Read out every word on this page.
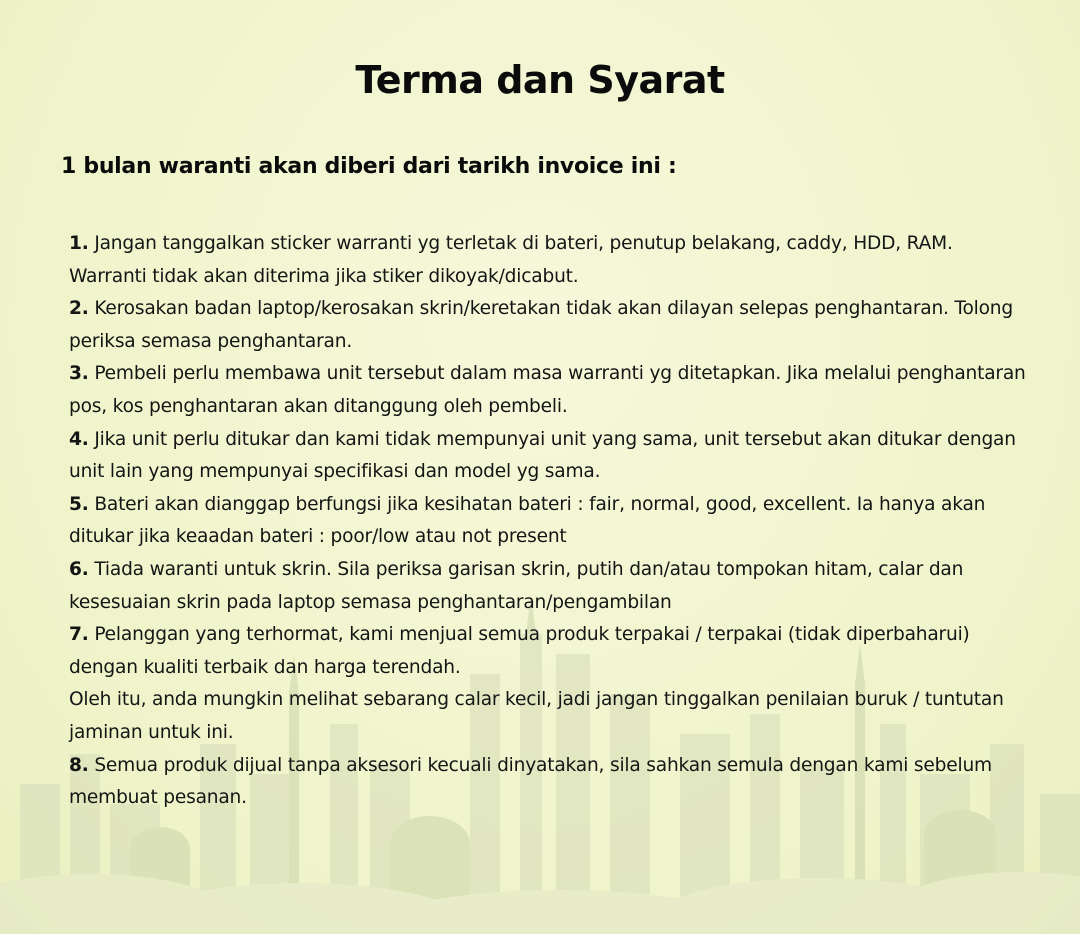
Terma dan Syarat
1 bulan waranti akan diberi dari tarikh invoice ini :
1. Jangan tanggalkan sticker warranti yg terletak di bateri, penutup belakang, caddy, HDD, RAM. Warranti tidak akan diterima jika stiker dikoyak/dicabut.
2. Kerosakan badan laptop/kerosakan skrin/keretakan tidak akan dilayan selepas penghantaran. Tolong periksa semasa penghantaran.
3. Pembeli perlu membawa unit tersebut dalam masa warranti yg ditetapkan. Jika melalui penghantaran pos, kos penghantaran akan ditanggung oleh pembeli.
4. Jika unit perlu ditukar dan kami tidak mempunyai unit yang sama, unit tersebut akan ditukar dengan unit lain yang mempunyai specifikasi dan model yg sama.
5. Bateri akan dianggap berfungsi jika kesihatan bateri : fair, normal, good, excellent. Ia hanya akan ditukar jika keaadan bateri : poor/low atau not present
6. Tiada waranti untuk skrin. Sila periksa garisan skrin, putih dan/atau tompokan hitam, calar dan kesesuaian skrin pada laptop semasa penghantaran/pengambilan
7. Pelanggan yang terhormat, kami menjual semua produk terpakai / terpakai (tidak diperbaharui) dengan kualiti terbaik dan harga terendah.
Oleh itu, anda mungkin melihat sebarang calar kecil, jadi jangan tinggalkan penilaian buruk / tuntutan jaminan untuk ini.
8. Semua produk dijual tanpa aksesori kecuali dinyatakan, sila sahkan semula dengan kami sebelum membuat pesanan.
